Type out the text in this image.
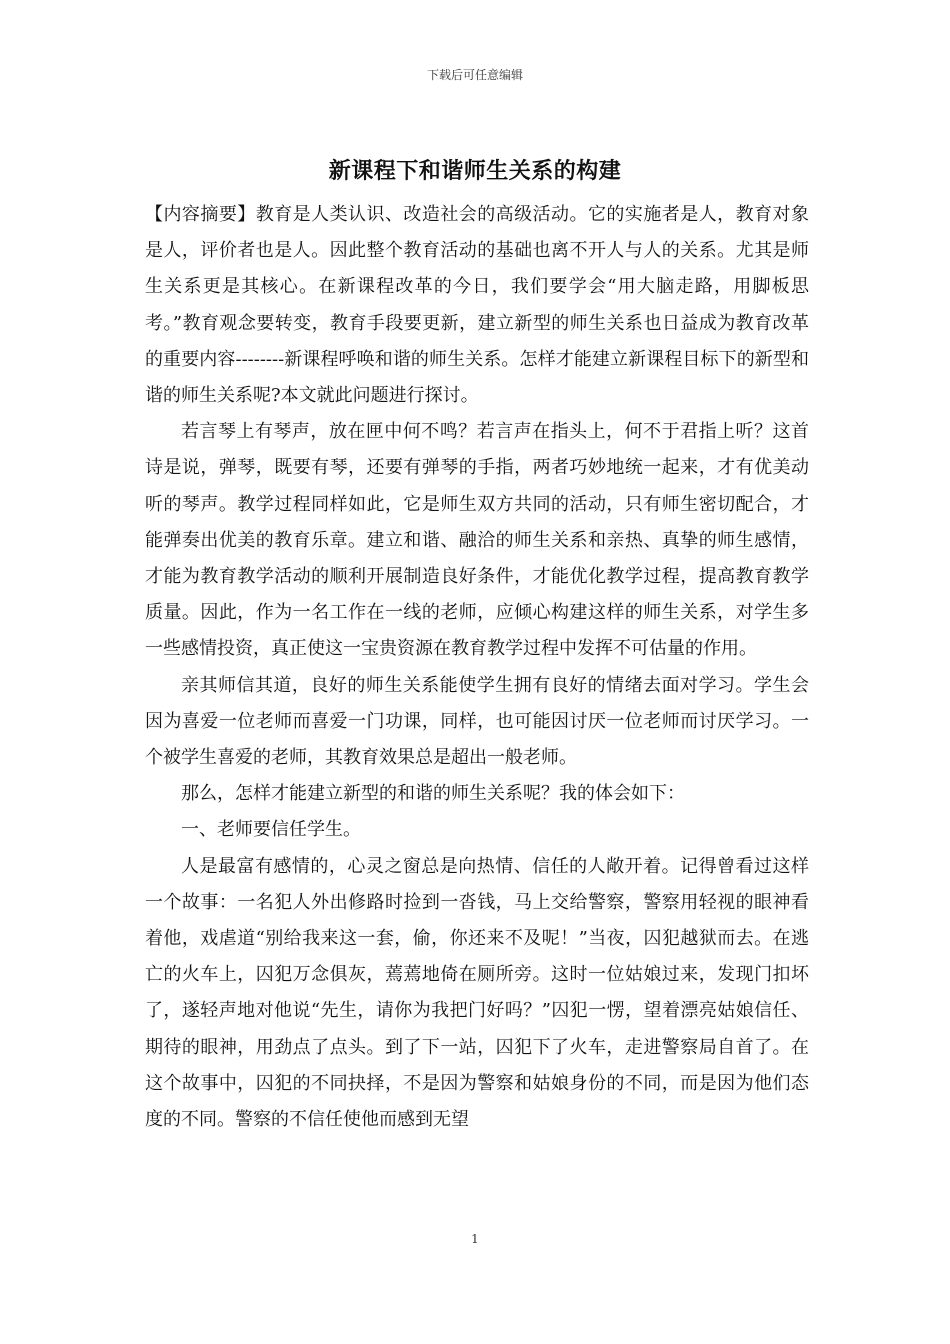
下载后可任意编辑
新课程下和谐师生关系的构建

【内容摘要】教育是人类认识、改造社会的高级活动。它的实施者是人，教育对象是人，评价者也是人。因此整个教育活动的基础也离不开人与人的关系。尤其是师生关系更是其核心。在新课程改革的今日，我们要学会“用大脑走路，用脚板思考。”教育观念要转变，教育手段要更新，建立新型的师生关系也日益成为教育改革的重要内容--------新课程呼唤和谐的师生关系。怎样才能建立新课程目标下的新型和谐的师生关系呢?本文就此问题进行探讨。

若言琴上有琴声，放在匣中何不鸣？若言声在指头上，何不于君指上听？这首诗是说，弹琴，既要有琴，还要有弹琴的手指，两者巧妙地统一起来，才有优美动听的琴声。教学过程同样如此，它是师生双方共同的活动，只有师生密切配合，才能弹奏出优美的教育乐章。建立和谐、融洽的师生关系和亲热、真挚的师生感情，才能为教育教学活动的顺利开展制造良好条件，才能优化教学过程，提高教育教学质量。因此，作为一名工作在一线的老师，应倾心构建这样的师生关系，对学生多一些感情投资，真正使这一宝贵资源在教育教学过程中发挥不可估量的作用。

亲其师信其道，良好的师生关系能使学生拥有良好的情绪去面对学习。学生会因为喜爱一位老师而喜爱一门功课，同样，也可能因讨厌一位老师而讨厌学习。一个被学生喜爱的老师，其教育效果总是超出一般老师。

那么，怎样才能建立新型的和谐的师生关系呢？我的体会如下：

一、老师要信任学生。

人是最富有感情的，心灵之窗总是向热情、信任的人敞开着。记得曾看过这样一个故事：一名犯人外出修路时捡到一沓钱，马上交给警察，警察用轻视的眼神看着他，戏虐道“别给我来这一套，偷，你还来不及呢！”当夜，囚犯越狱而去。在逃亡的火车上，囚犯万念俱灰，蔫蔫地倚在厕所旁。这时一位姑娘过来，发现门扣坏了，遂轻声地对他说“先生，请你为我把门好吗？”囚犯一愣，望着漂亮姑娘信任、期待的眼神，用劲点了点头。到了下一站，囚犯下了火车，走进警察局自首了。在这个故事中，囚犯的不同抉择，不是因为警察和姑娘身份的不同，而是因为他们态度的不同。警察的不信任使他而感到无望

1
